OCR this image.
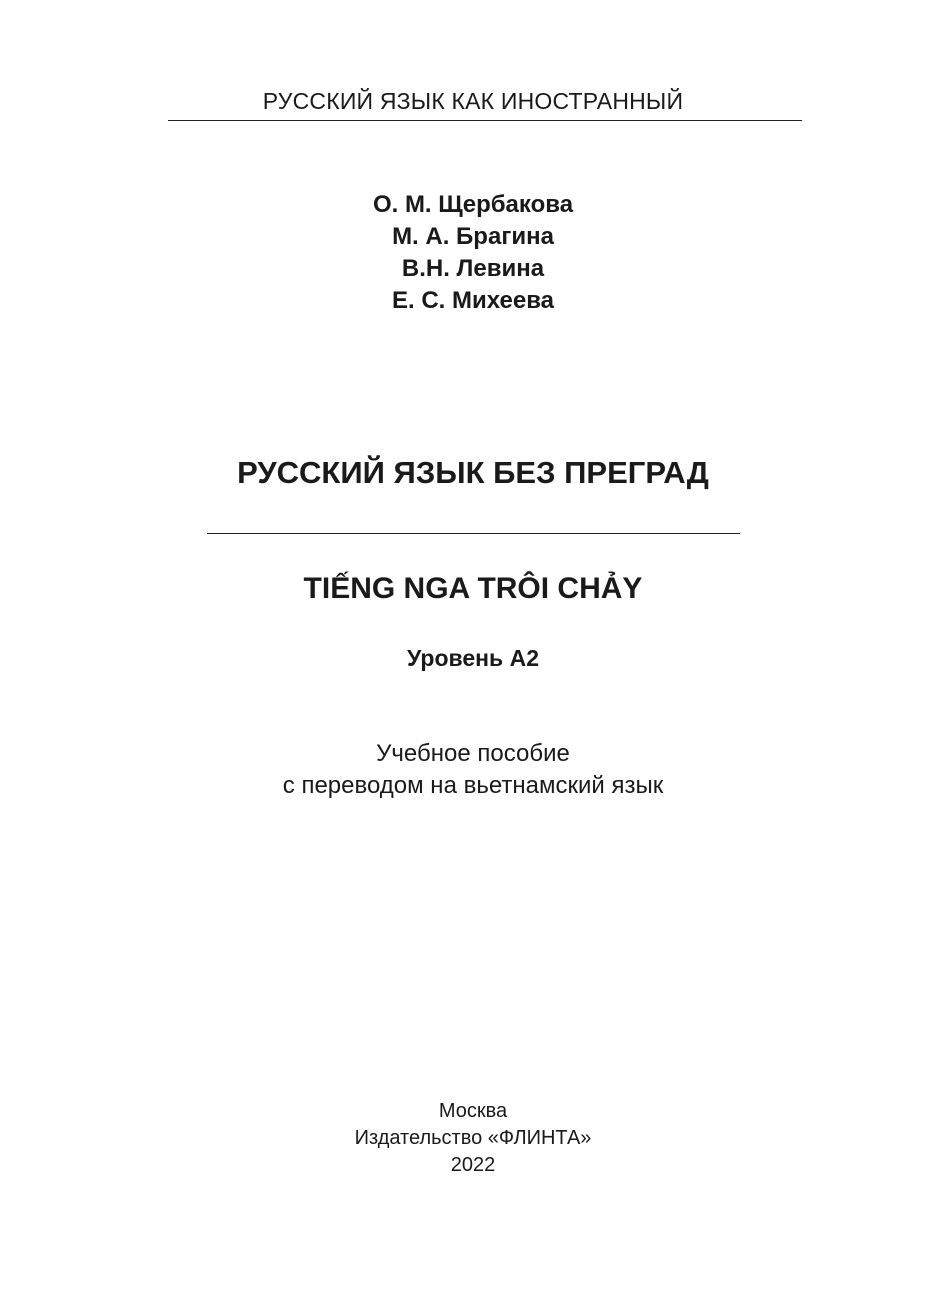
РУССКИЙ ЯЗЫК КАК ИНОСТРАННЫЙ
О. М. Щербакова
М. А. Брагина
В.Н. Левина
Е. С. Михеева
РУССКИЙ ЯЗЫК БЕЗ ПРЕГРАД
TIẾNG NGA TRÔI CHẢY
Уровень А2
Учебное пособие
с переводом на вьетнамский язык
Москва
Издательство «ФЛИНТА»
2022
